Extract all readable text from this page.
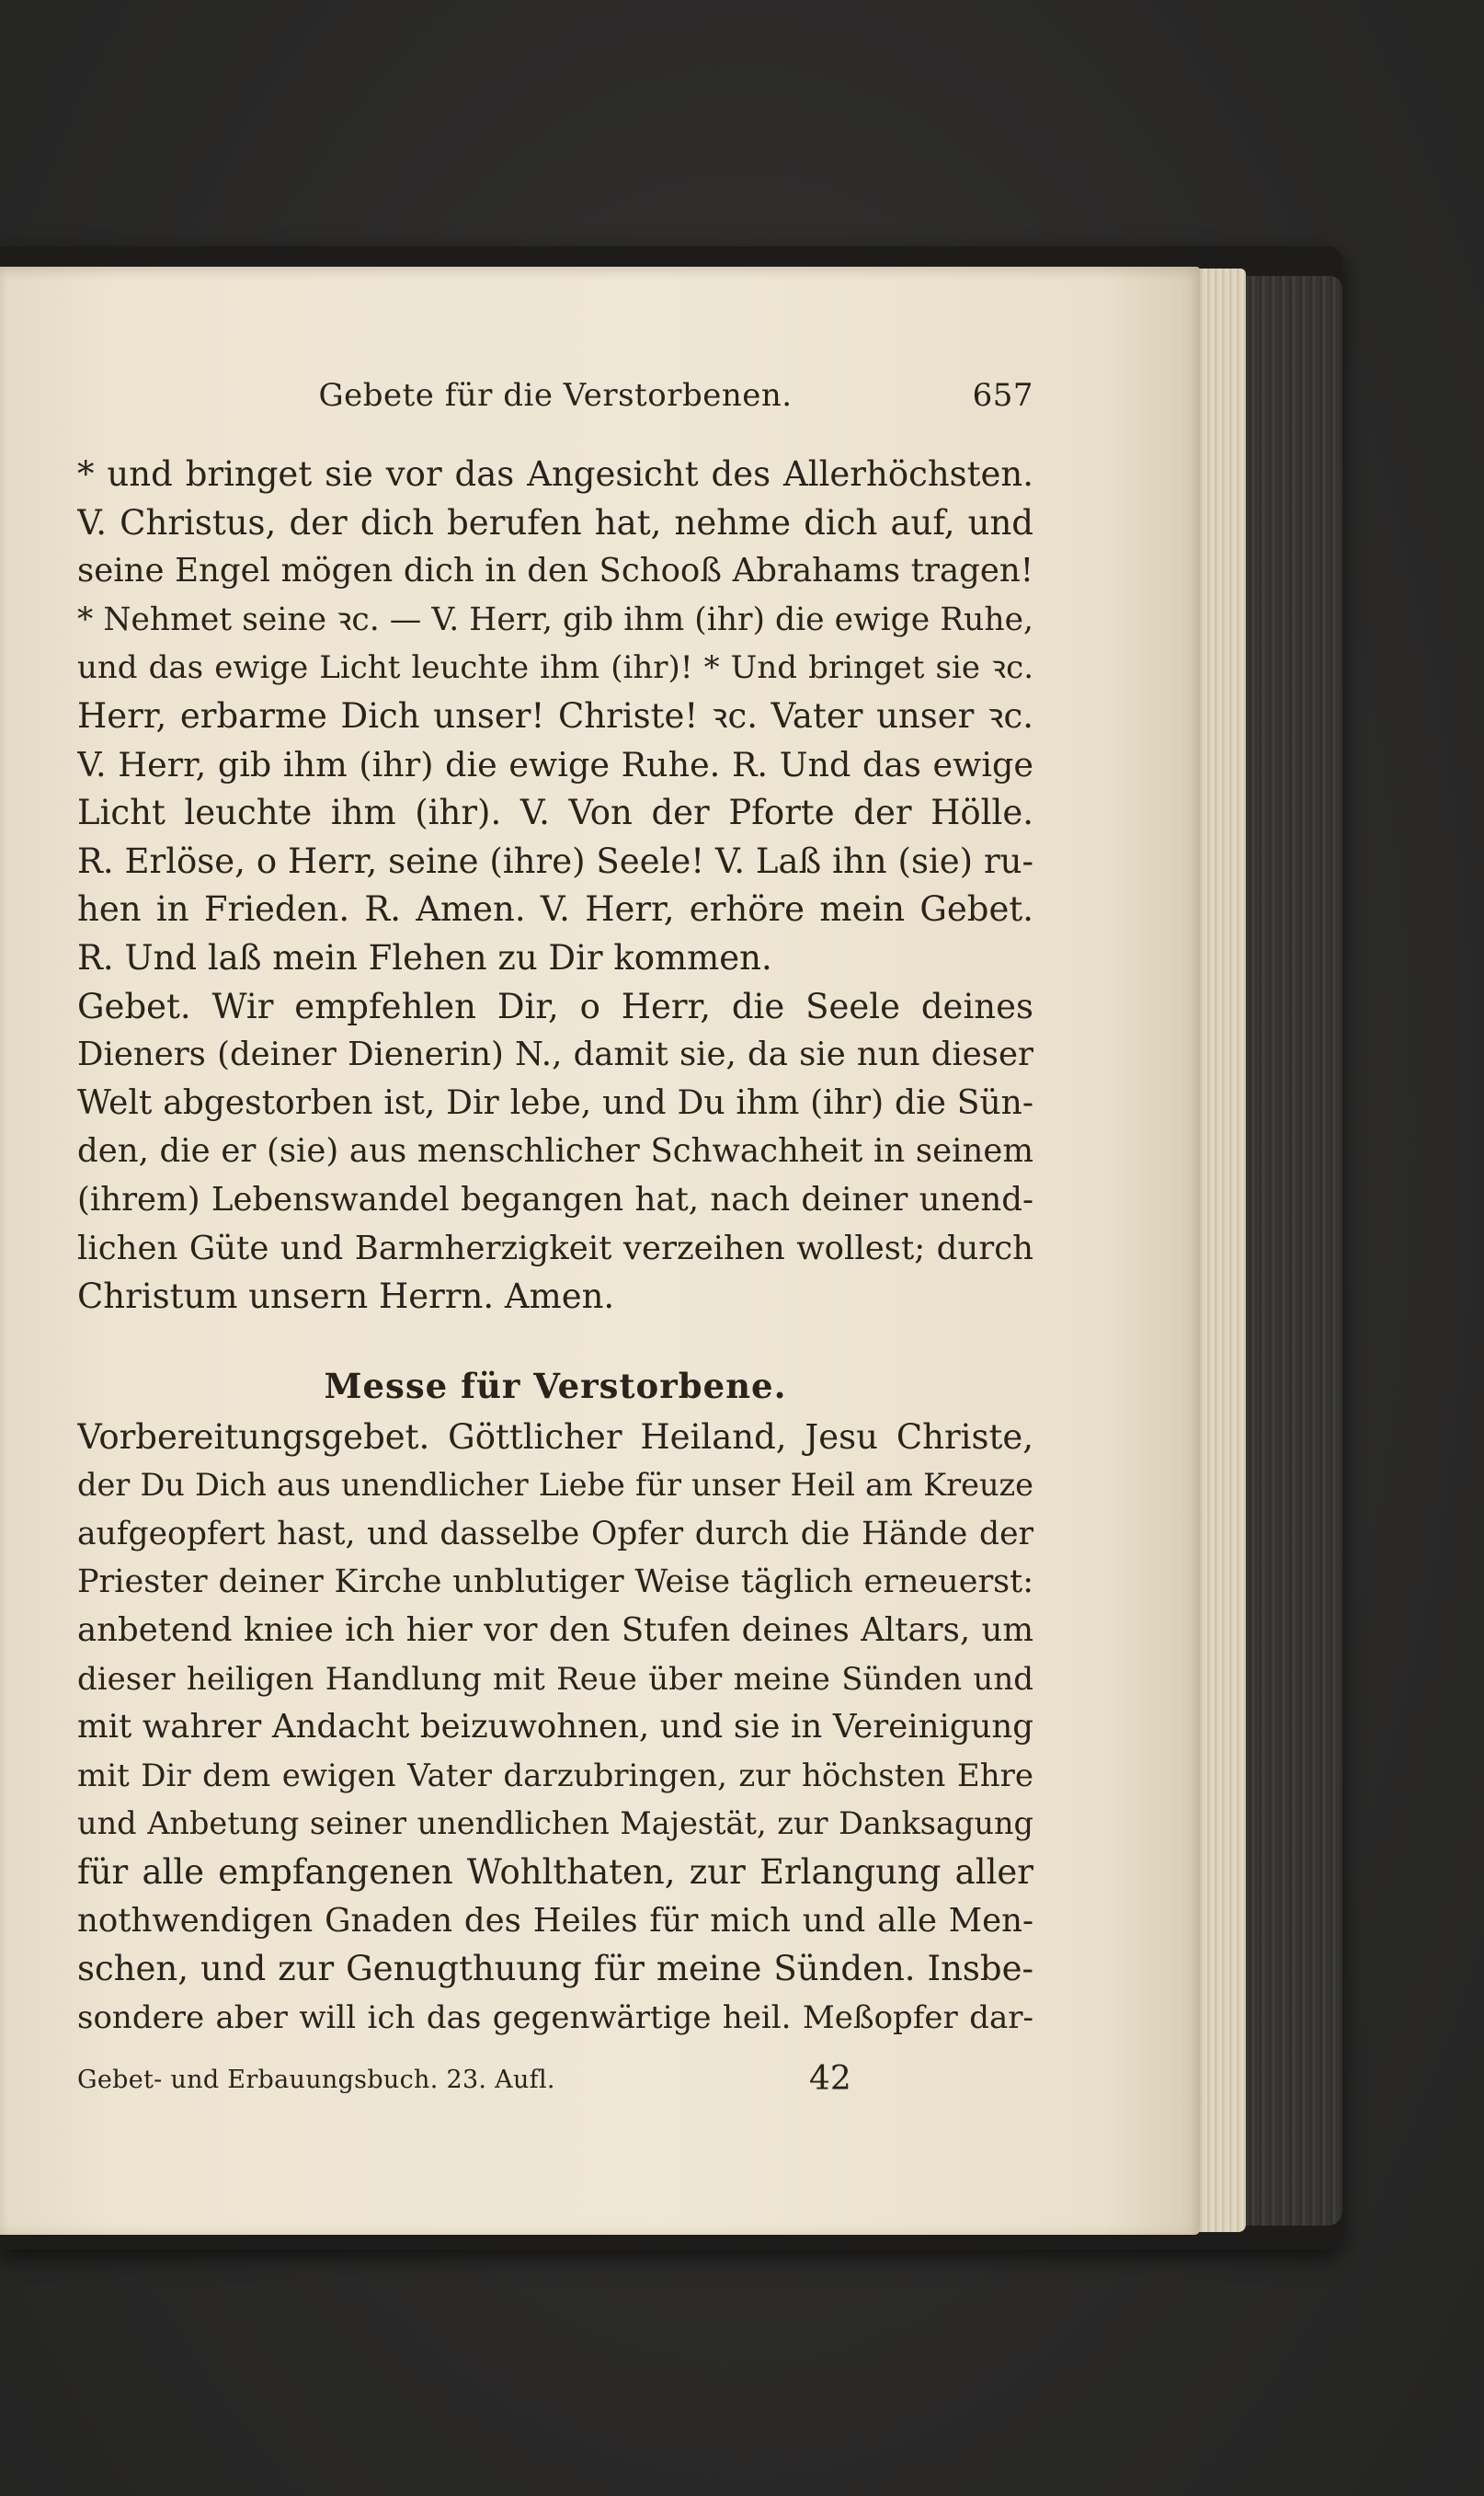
Gebete für die Verstorbenen.	657
* und bringet sie vor das Angesicht des Allerhöchsten.
V. Christus, der dich berufen hat, nehme dich auf, und
seine Engel mögen dich in den Schooß Abrahams tragen!
* Nehmet seine ꝛc. — V. Herr, gib ihm (ihr) die ewige Ruhe,
und das ewige Licht leuchte ihm (ihr)! * Und bringet sie ꝛc.
Herr, erbarme Dich unser! Christe! ꝛc. Vater unser ꝛc.
V. Herr, gib ihm (ihr) die ewige Ruhe. R. Und das ewige
Licht leuchte ihm (ihr). V. Von der Pforte der Hölle.
R. Erlöse, o Herr, seine (ihre) Seele! V. Laß ihn (sie) ru-
hen in Frieden. R. Amen. V. Herr, erhöre mein Gebet.
R. Und laß mein Flehen zu Dir kommen.
Gebet. Wir empfehlen Dir, o Herr, die Seele deines
Dieners (deiner Dienerin) N., damit sie, da sie nun dieser
Welt abgestorben ist, Dir lebe, und Du ihm (ihr) die Sün-
den, die er (sie) aus menschlicher Schwachheit in seinem
(ihrem) Lebenswandel begangen hat, nach deiner unend-
lichen Güte und Barmherzigkeit verzeihen wollest; durch
Christum unsern Herrn. Amen.
Messe für Verstorbene.
Vorbereitungsgebet. Göttlicher Heiland, Jesu Christe,
der Du Dich aus unendlicher Liebe für unser Heil am Kreuze
aufgeopfert hast, und dasselbe Opfer durch die Hände der
Priester deiner Kirche unblutiger Weise täglich erneuerst:
anbetend kniee ich hier vor den Stufen deines Altars, um
dieser heiligen Handlung mit Reue über meine Sünden und
mit wahrer Andacht beizuwohnen, und sie in Vereinigung
mit Dir dem ewigen Vater darzubringen, zur höchsten Ehre
und Anbetung seiner unendlichen Majestät, zur Danksagung
für alle empfangenen Wohlthaten, zur Erlangung aller
nothwendigen Gnaden des Heiles für mich und alle Men-
schen, und zur Genugthuung für meine Sünden. Insbe-
sondere aber will ich das gegenwärtige heil. Meßopfer dar-
Gebet- und Erbauungsbuch. 23. Aufl.	42
